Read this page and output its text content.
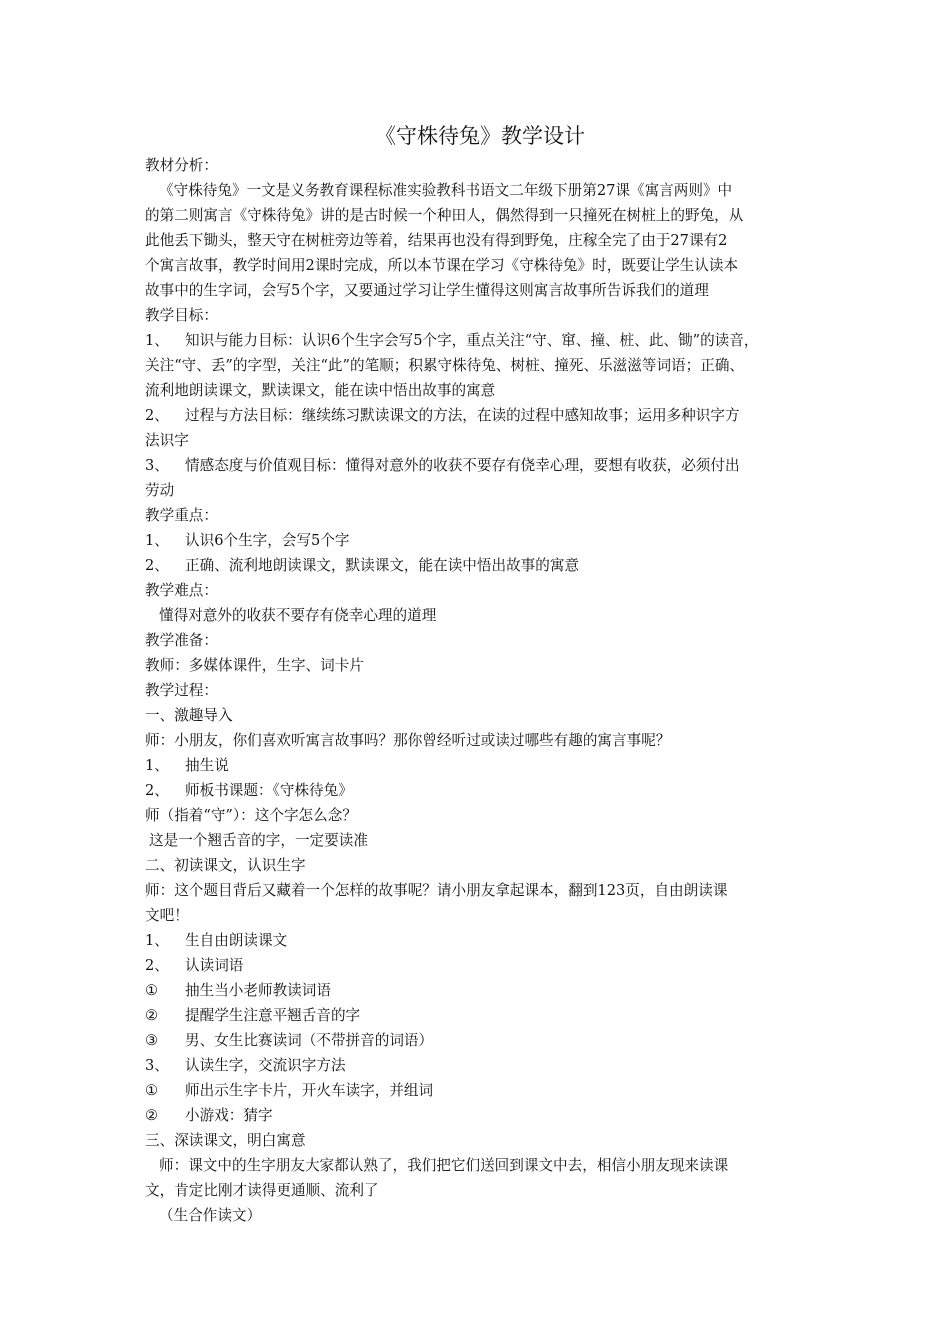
《守株待兔》教学设计

教材分析：

《守株待兔》一文是义务教育课程标准实验教科书语文二年级下册第27课《寓言两则》中

的第二则寓言《守株待兔》讲的是古时候一个种田人，偶然得到一只撞死在树桩上的野兔，从

此他丢下锄头，整天守在树桩旁边等着，结果再也没有得到野兔，庄稼全完了由于27课有2

个寓言故事，教学时间用2课时完成，所以本节课在学习《守株待兔》时，既要让学生认读本

故事中的生字词，会写5个字，又要通过学习让学生懂得这则寓言故事所告诉我们的道理

教学目标：

1、	知识与能力目标：认识6个生字会写5个字，重点关注“守、窜、撞、桩、此、锄”的读音，

关注“守、丢”的字型，关注“此”的笔顺；积累守株待兔、树桩、撞死、乐滋滋等词语；正确、

流利地朗读课文，默读课文，能在读中悟出故事的寓意

2、	过程与方法目标：继续练习默读课文的方法，在读的过程中感知故事；运用多种识字方

法识字

3、	情感态度与价值观目标：懂得对意外的收获不要存有侥幸心理，要想有收获，必须付出

劳动

教学重点：

1、	认识6个生字，会写5个字
2、	正确、流利地朗读课文，默读课文，能在读中悟出故事的寓意

教学难点：

懂得对意外的收获不要存有侥幸心理的道理

教学准备：

教师：多媒体课件，生字、词卡片

教学过程：

一、激趣导入

师：小朋友，你们喜欢听寓言故事吗？那你曾经听过或读过哪些有趣的寓言事呢？

1、	抽生说
2、	师板书课题：《守株待兔》

师（指着“守”）：这个字怎么念？

这是一个翘舌音的字，一定要读准

二、初读课文，认识生字

师：这个题目背后又藏着一个怎样的故事呢？请小朋友拿起课本，翻到123页，自由朗读课

文吧！

1、	生自由朗读课文
2、	认读词语
①	抽生当小老师教读词语
②	提醒学生注意平翘舌音的字
③	男、女生比赛读词（不带拼音的词语）
3、	认读生字，交流识字方法
①	师出示生字卡片，开火车读字，并组词
②	小游戏：猜字

三、深读课文，明白寓意

师：课文中的生字朋友大家都认熟了，我们把它们送回到课文中去，相信小朋友现来读课

文，肯定比刚才读得更通顺、流利了

（生合作读文）
